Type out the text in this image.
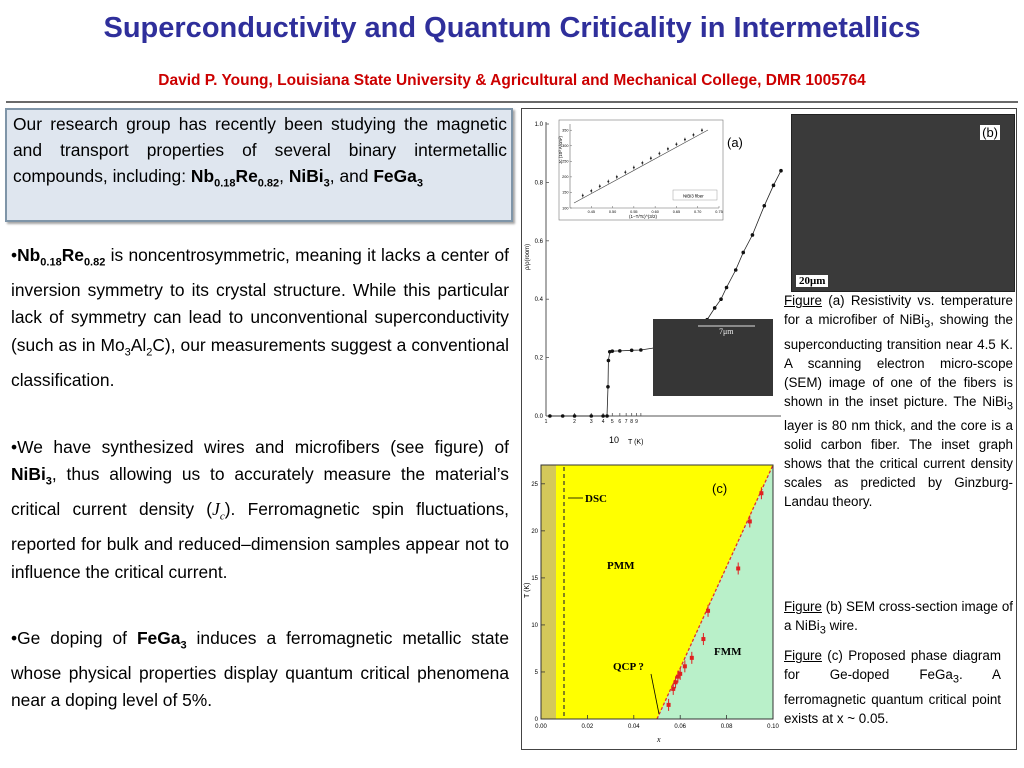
Superconductivity and Quantum Criticality in Intermetallics
David P. Young, Louisiana State University & Agricultural and Mechanical College, DMR 1005764
Our research group has recently been studying the magnetic and transport properties of several binary intermetallic compounds, including: $Nb_{0.18}Re_{0.82}$, NiBi$_3$, and FeGa$_3$
$•Nb_{0.18}Re_{0.82}$ is noncentrosymmetric, meaning it lacks a center of inversion symmetry to its crystal structure. While this particular lack of symmetry can lead to unconventional superconductivity (such as in $Mo_3Al_2C$), our measurements suggest a conventional classification.
•We have synthesized wires and microfibers (see figure) of NiBi$_3$, thus allowing us to accurately measure the material’s critical current density $(J_c)$. Ferromagnetic spin fluctuations, reported for bulk and reduced–dimension samples appear not to influence the critical current.
•Ge doping of FeGa$_3$ induces a ferromagnetic metallic state whose physical properties display quantum critical phenomena near a doping level of 5%.
0.0
0.2
0.4
0.6
0.8
1.0
1	2	3 4 5 6 7 8 9
ρ/ρ(room)
T (K)
10
(a)
0.45	0.50	0.55	0.60	0.65	0.70	0.75
100
150
200
250
300
350
NiBi3 fiber
Jc (10³ A/cm²)
(1−T/Tc)^(3/2)
7μm
(b)
20μm
0.00	0.02	0.04	0.06	0.08	0.10
0
5
10
15
20
25
DSC
PMM
FMM
QCP ?
(c)
T (K)
x
Figure (a) Resistivity vs. temperature for a microfiber of NiBi$_3$, showing the superconducting transition near 4.5 K. A scanning electron micro-scope (SEM) image of one of the fibers is shown in the inset picture. The NiBi$_3$ layer is 80 nm thick, and the core is a solid carbon fiber. The inset graph shows that the critical current density scales as predicted by Ginzburg-Landau theory.
Figure (b) SEM cross-section image of a NiBi$_3$ wire.
Figure (c) Proposed phase diagram for Ge-doped FeGa$_3$. A ferromagnetic quantum critical point exists at x ~ 0.05.
